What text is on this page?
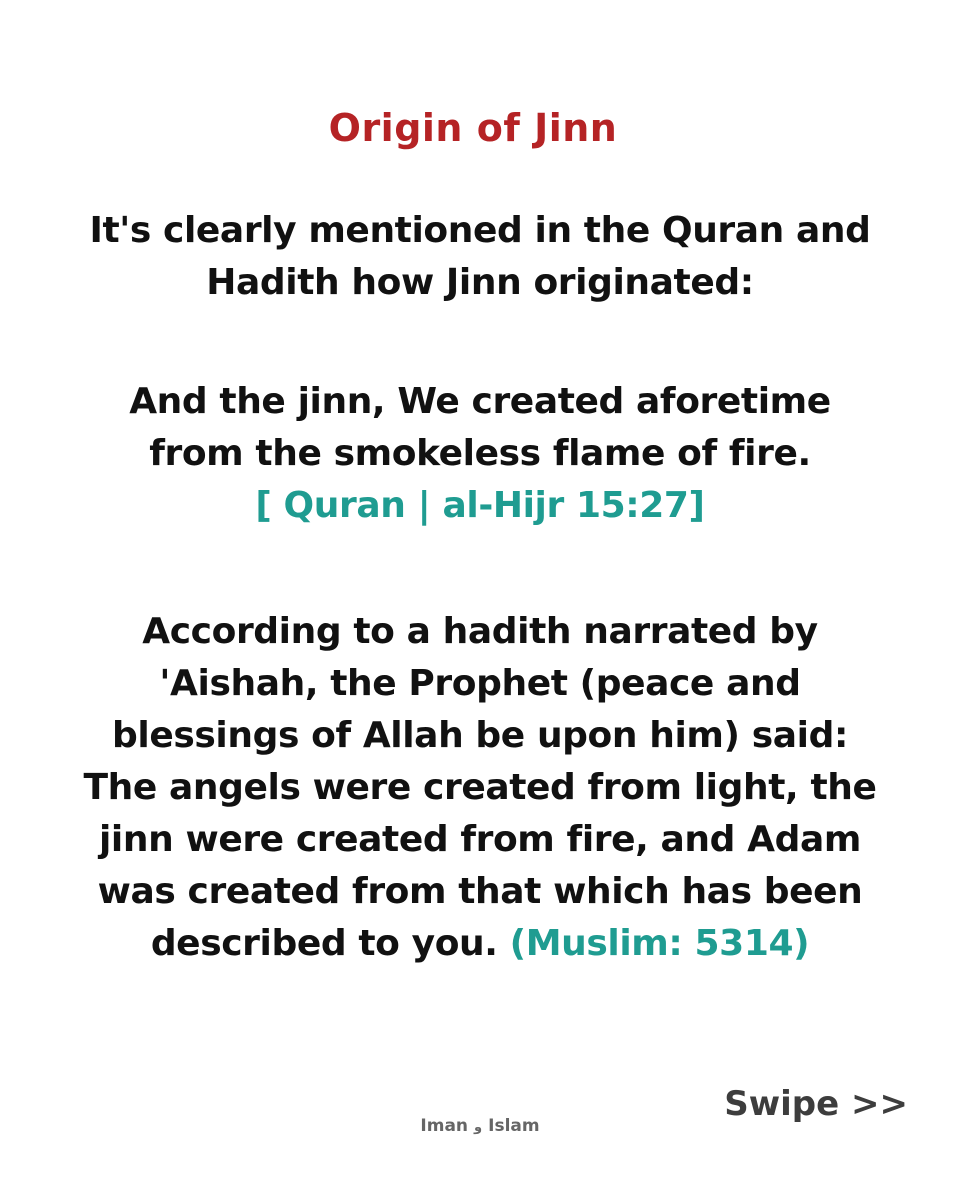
Origin of Jinn
It's clearly mentioned in the Quran and
Hadith how Jinn originated:
And the jinn, We created aforetime
from the smokeless flame of fire.
[ Quran | al-Hijr 15:27]
According to a hadith narrated by
'Aishah, the Prophet (peace and
blessings of Allah be upon him) said:
The angels were created from light, the
jinn were created from fire, and Adam
was created from that which has been
described to you. (Muslim: 5314)
Swipe >>
Iman و Islam
